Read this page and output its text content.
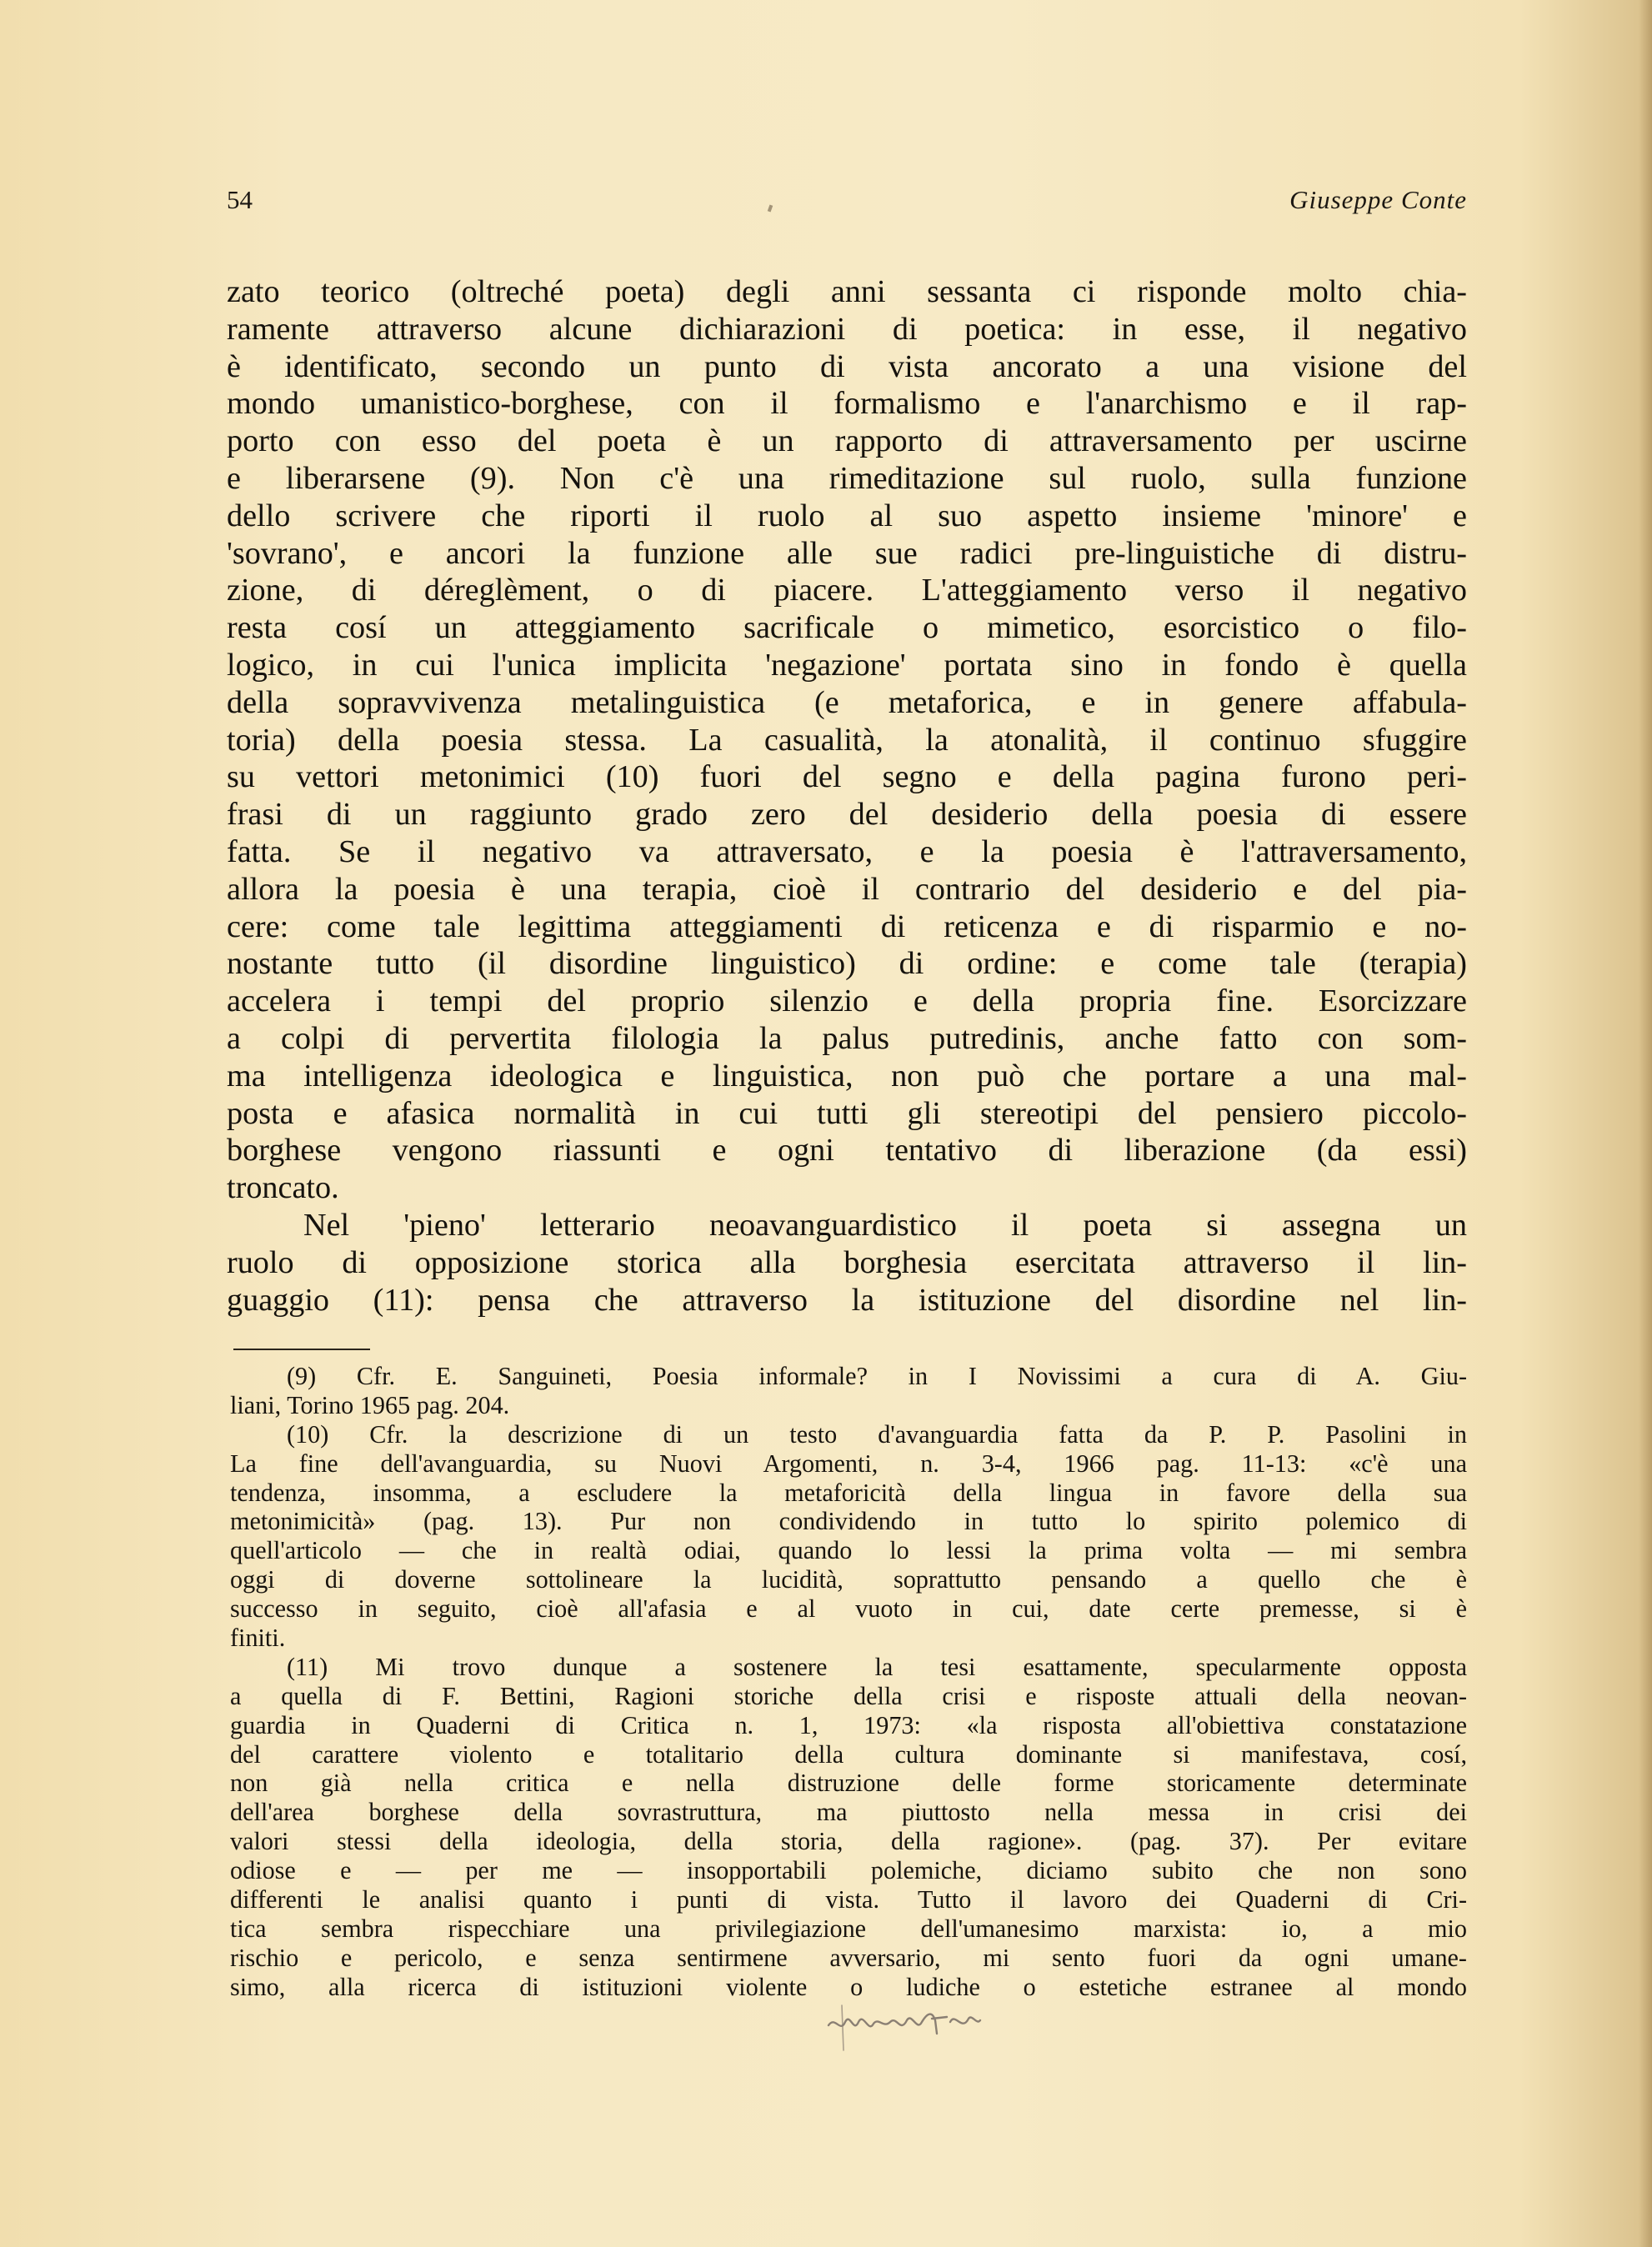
54	Giuseppe Conte
zato teorico (oltreché poeta) degli anni sessanta ci risponde molto chia-
ramente attraverso alcune dichiarazioni di poetica: in esse, il negativo
è identificato, secondo un punto di vista ancorato a una visione del
mondo umanistico-borghese, con il formalismo e l'anarchismo e il rap-
porto con esso del poeta è un rapporto di attraversamento per uscirne
e liberarsene (9). Non c'è una rimeditazione sul ruolo, sulla funzione
dello scrivere che riporti il ruolo al suo aspetto insieme 'minore' e
'sovrano', e ancori la funzione alle sue radici pre-linguistiche di distru-
zione, di déreglèment, o di piacere. L'atteggiamento verso il negativo
resta cosí un atteggiamento sacrificale o mimetico, esorcistico o filo-
logico, in cui l'unica implicita 'negazione' portata sino in fondo è quella
della sopravvivenza metalinguistica (e metaforica, e in genere affabula-
toria) della poesia stessa. La casualità, la atonalità, il continuo sfuggire
su vettori metonimici (10) fuori del segno e della pagina furono peri-
frasi di un raggiunto grado zero del desiderio della poesia di essere
fatta. Se il negativo va attraversato, e la poesia è l'attraversamento,
allora la poesia è una terapia, cioè il contrario del desiderio e del pia-
cere: come tale legittima atteggiamenti di reticenza e di risparmio e no-
nostante tutto (il disordine linguistico) di ordine: e come tale (terapia)
accelera i tempi del proprio silenzio e della propria fine. Esorcizzare
a colpi di pervertita filologia la palus putredinis, anche fatto con som-
ma intelligenza ideologica e linguistica, non può che portare a una mal-
posta e afasica normalità in cui tutti gli stereotipi del pensiero piccolo-
borghese vengono riassunti e ogni tentativo di liberazione (da essi)
troncato.
Nel 'pieno' letterario neoavanguardistico il poeta si assegna un
ruolo di opposizione storica alla borghesia esercitata attraverso il lin-
guaggio (11): pensa che attraverso la istituzione del disordine nel lin-
(9) Cfr. E. Sanguineti, Poesia informale? in I Novissimi a cura di A. Giu-
liani, Torino 1965 pag. 204.
(10) Cfr. la descrizione di un testo d'avanguardia fatta da P. P. Pasolini in
La fine dell'avanguardia, su Nuovi Argomenti, n. 3-4, 1966 pag. 11-13: «c'è una
tendenza, insomma, a escludere la metaforicità della lingua in favore della sua
metonimicità» (pag. 13). Pur non condividendo in tutto lo spirito polemico di
quell'articolo — che in realtà odiai, quando lo lessi la prima volta — mi sembra
oggi di doverne sottolineare la lucidità, soprattutto pensando a quello che è
successo in seguito, cioè all'afasia e al vuoto in cui, date certe premesse, si è
finiti.
(11) Mi trovo dunque a sostenere la tesi esattamente, specularmente opposta
a quella di F. Bettini, Ragioni storiche della crisi e risposte attuali della neovan-
guardia in Quaderni di Critica n. 1, 1973: «la risposta all'obiettiva constatazione
del carattere violento e totalitario della cultura dominante si manifestava, cosí,
non già nella critica e nella distruzione delle forme storicamente determinate
dell'area borghese della sovrastruttura, ma piuttosto nella messa in crisi dei
valori stessi della ideologia, della storia, della ragione». (pag. 37). Per evitare
odiose e — per me — insopportabili polemiche, diciamo subito che non sono
differenti le analisi quanto i punti di vista. Tutto il lavoro dei Quaderni di Cri-
tica sembra rispecchiare una privilegiazione dell'umanesimo marxista: io, a mio
rischio e pericolo, e senza sentirmene avversario, mi sento fuori da ogni umane-
simo, alla ricerca di istituzioni violente o ludiche o estetiche estranee al mondo
